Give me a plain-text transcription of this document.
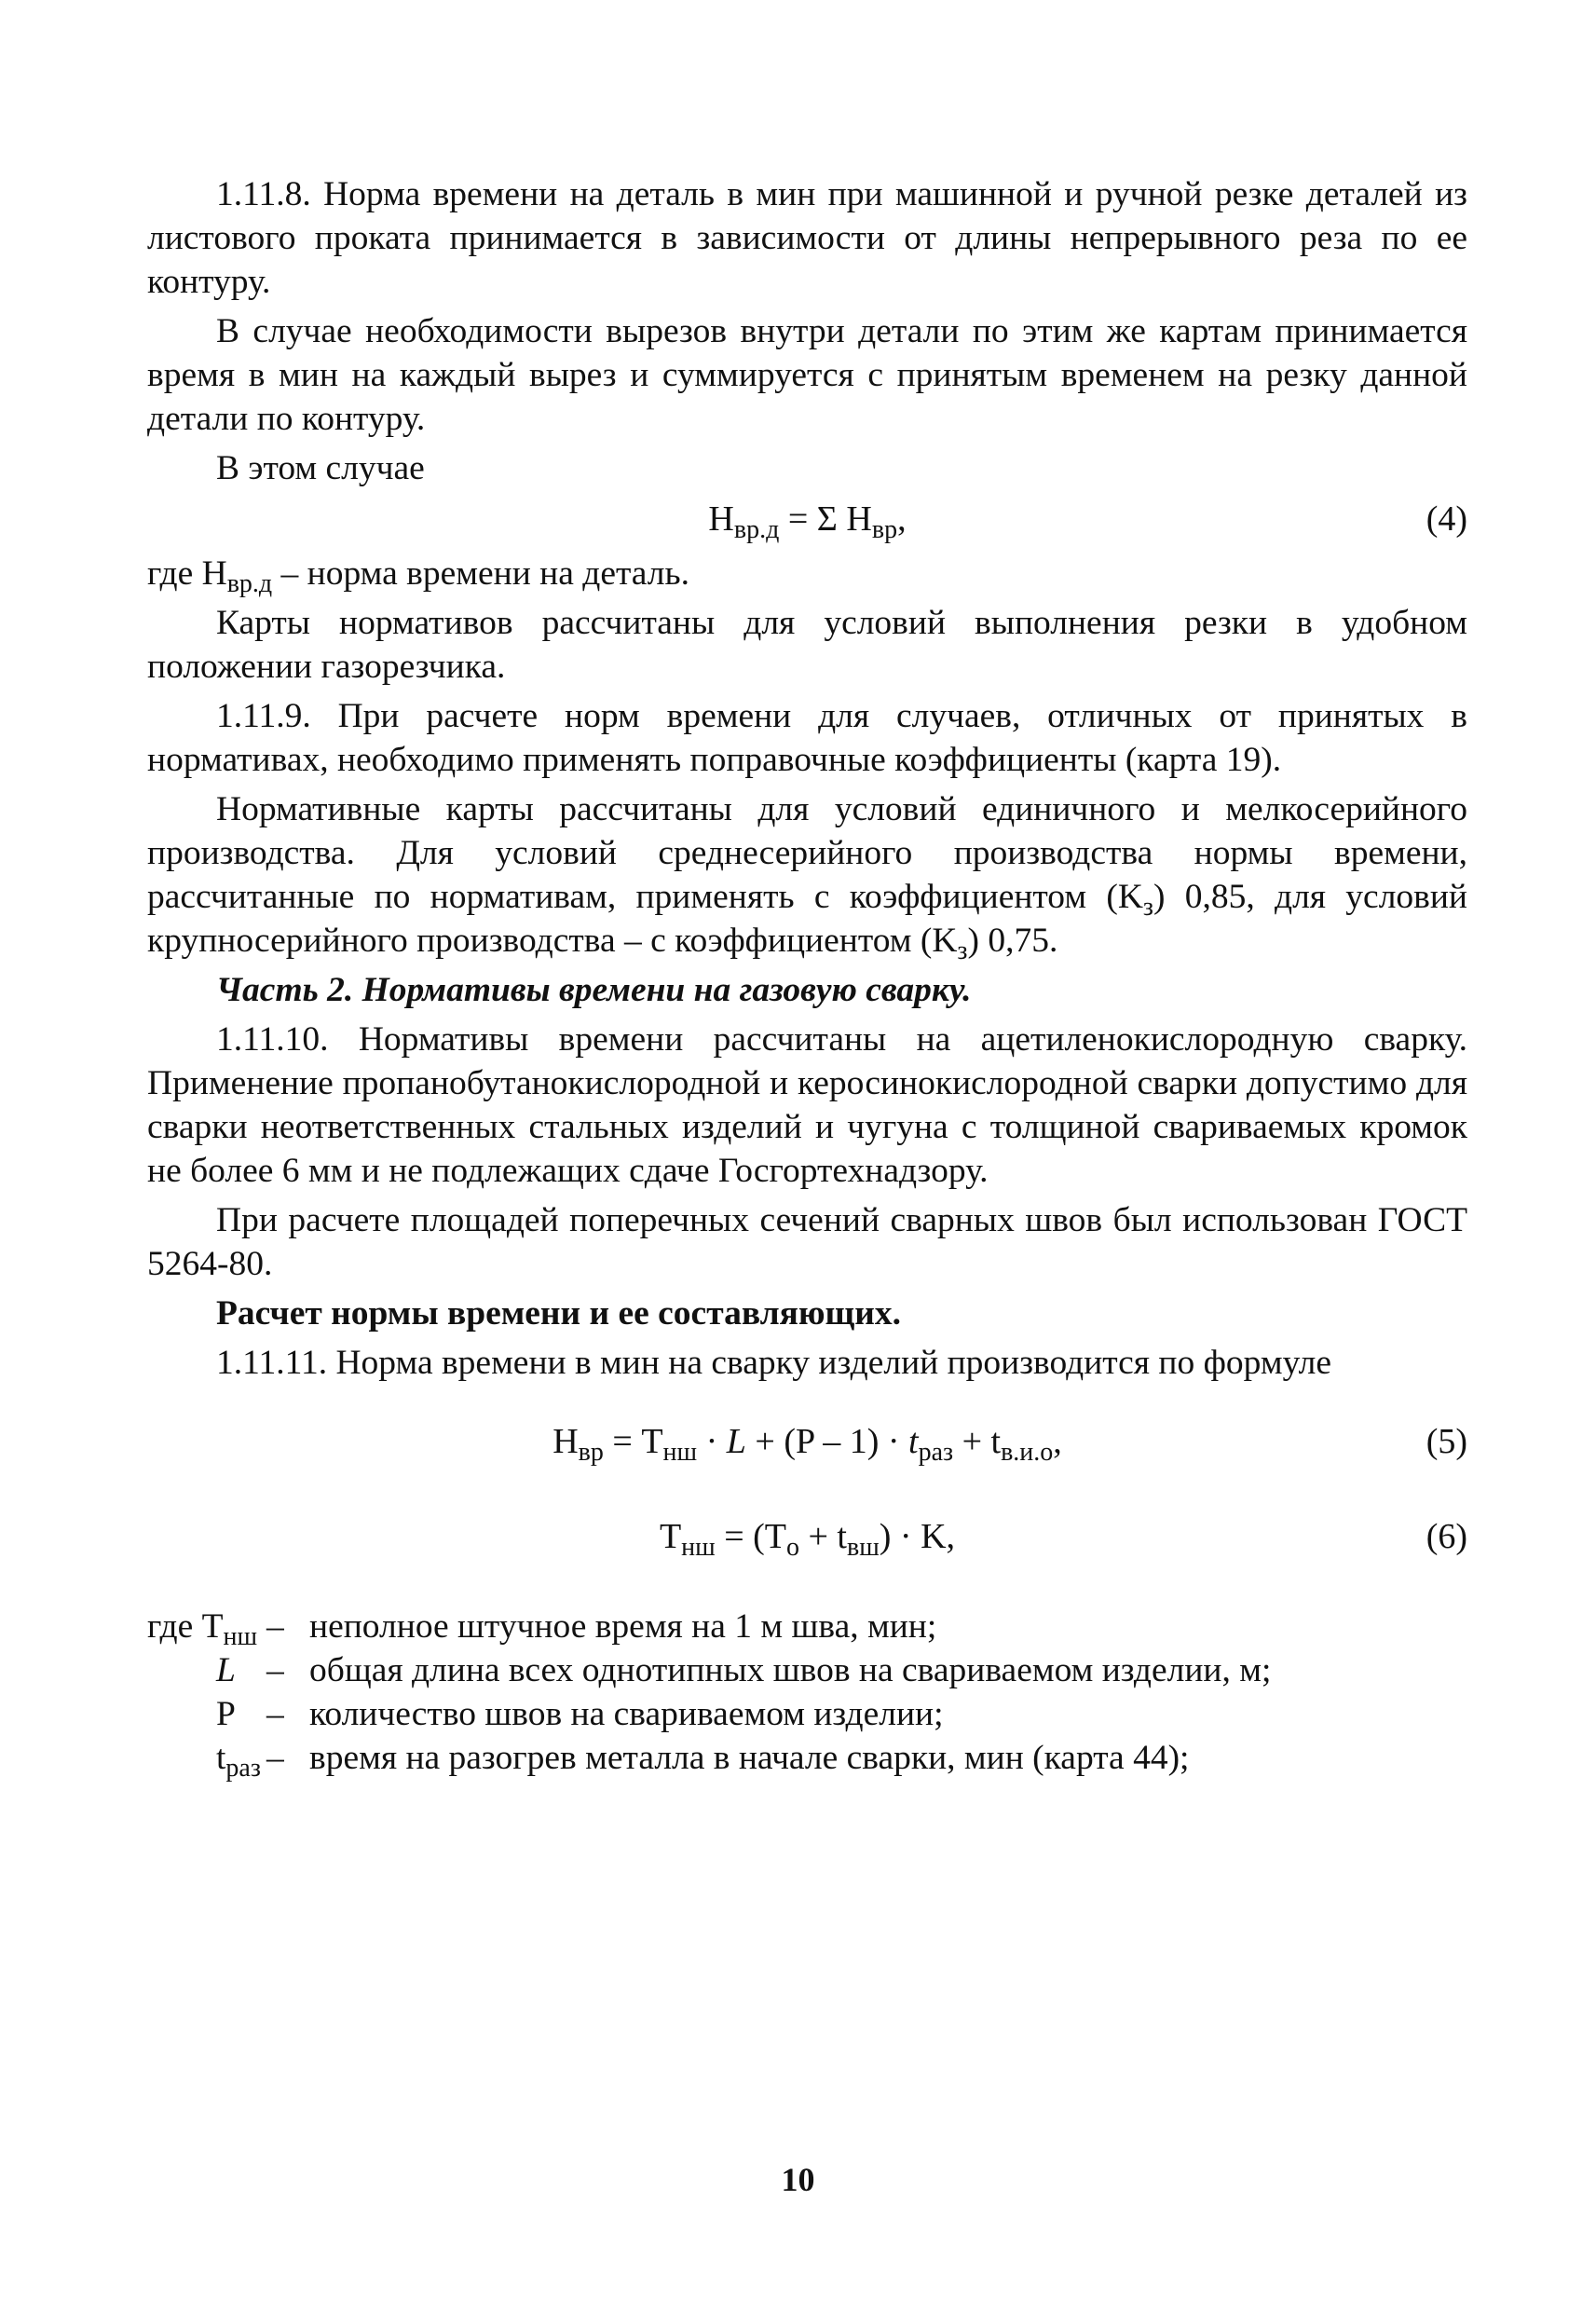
1.11.8. Норма времени на деталь в мин при машинной и ручной резке деталей из листового проката принимается в зависимости от длины непрерывного реза по ее контуру.

В случае необходимости вырезов внутри детали по этим же картам принимается время в мин на каждый вырез и суммируется с принятым временем на резку данной детали по контуру.

В этом случае

$H_{вр.д} = \Sigma$ $H_{вр}$,	(4)

где $H_{вр.д}$ – норма времени на деталь.

Карты нормативов рассчитаны для условий выполнения резки в удобном положении газорезчика.

1.11.9. При расчете норм времени для случаев, отличных от принятых в нормативах, необходимо применять поправочные коэффициенты (карта 19).

Нормативные карты рассчитаны для условий единичного и мелкосерийного производства. Для условий среднесерийного производства нормы времени, рассчитанные по нормативам, применять с коэффициентом $(K_з)$ 0,85, для условий крупносерийного производства – с коэффициентом $(K_з)$ 0,75.

Часть 2. Нормативы времени на газовую сварку.

1.11.10. Нормативы времени рассчитаны на ацетиленокислородную сварку. Применение пропанобутанокислородной и керосинокислородной сварки допустимо для сварки неответственных стальных изделий и чугуна с толщиной свариваемых кромок не более 6 мм и не подлежащих сдаче Госгортехнадзору.

При расчете площадей поперечных сечений сварных швов был использован ГОСТ 5264-80.

Расчет нормы времени и ее составляющих.

1.11.11. Норма времени в мин на сварку изделий производится по формуле

$H_{вр} = T_{нш} \cdot L + (P - 1) \cdot t_{раз} + t_{в.и.о}$,	(5)
$T_{нш} = (T_о + t_{вш}) \cdot K$,	(6)
где $T_{нш}$ – неполное штучное время на 1 м шва, мин;
L – общая длина всех однотипных швов на свариваемом изделии, м;
P – количество швов на свариваемом изделии;
$t_{раз}$ – время на разогрев металла в начале сварки, мин (карта 44);
10
